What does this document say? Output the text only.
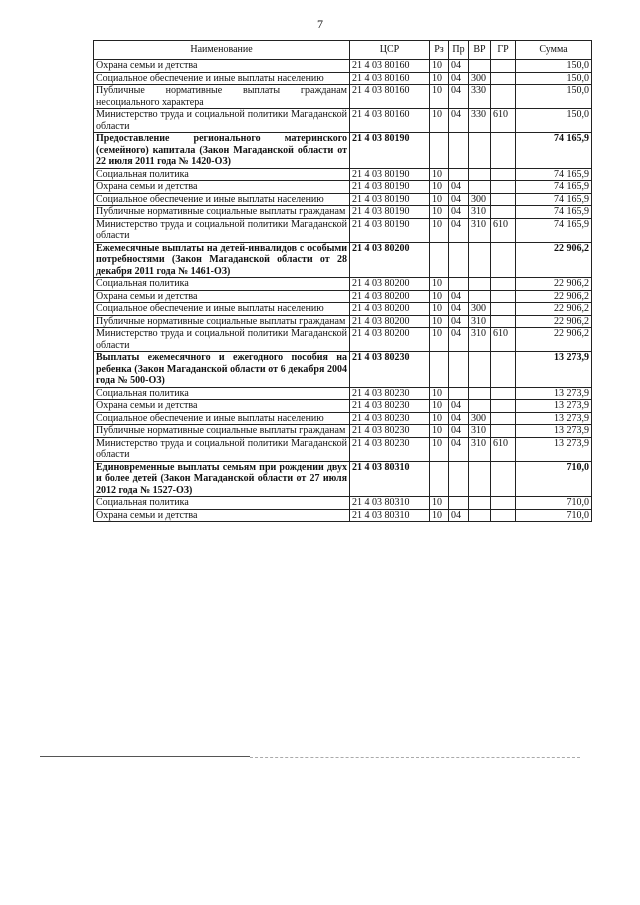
7
Наименование	ЦСР	Рз	Пр	ВР	ГР	Сумма
Охрана семьи и детства	21 4 03 80160	10	04			150,0
Социальное обеспечение и иные выплаты населению	21 4 03 80160	10	04	300		150,0
Публичные нормативные выплаты гражданам несоциального характера	21 4 03 80160	10	04	330		150,0
Министерство труда и социальной политики Магаданской области	21 4 03 80160	10	04	330	610	150,0
Предоставление регионального материнского (семейного) капитала (Закон Магаданской области от 22 июля 2011 года № 1420-ОЗ)	21 4 03 80190					74 165,9
Социальная политика	21 4 03 80190	10				74 165,9
Охрана семьи и детства	21 4 03 80190	10	04			74 165,9
Социальное обеспечение и иные выплаты населению	21 4 03 80190	10	04	300		74 165,9
Публичные нормативные социальные выплаты гражданам	21 4 03 80190	10	04	310		74 165,9
Министерство труда и социальной политики Магаданской области	21 4 03 80190	10	04	310	610	74 165,9
Ежемесячные выплаты на детей-инвалидов с особыми потребностями (Закон Магаданской области от 28 декабря 2011 года № 1461-ОЗ)	21 4 03 80200					22 906,2
Социальная политика	21 4 03 80200	10				22 906,2
Охрана семьи и детства	21 4 03 80200	10	04			22 906,2
Социальное обеспечение и иные выплаты населению	21 4 03 80200	10	04	300		22 906,2
Публичные нормативные социальные выплаты гражданам	21 4 03 80200	10	04	310		22 906,2
Министерство труда и социальной политики Магаданской области	21 4 03 80200	10	04	310	610	22 906,2
Выплаты ежемесячного и ежегодного пособия на ребенка (Закон Магаданской области от 6 декабря 2004 года № 500-ОЗ)	21 4 03 80230					13 273,9
Социальная политика	21 4 03 80230	10				13 273,9
Охрана семьи и детства	21 4 03 80230	10	04			13 273,9
Социальное обеспечение и иные выплаты населению	21 4 03 80230	10	04	300		13 273,9
Публичные нормативные социальные выплаты гражданам	21 4 03 80230	10	04	310		13 273,9
Министерство труда и социальной политики Магаданской области	21 4 03 80230	10	04	310	610	13 273,9
Единовременные выплаты семьям при рождении двух и более детей (Закон Магаданской области от 27 июля 2012 года № 1527-ОЗ)	21 4 03 80310					710,0
Социальная политика	21 4 03 80310	10				710,0
Охрана семьи и детства	21 4 03 80310	10	04			710,0
